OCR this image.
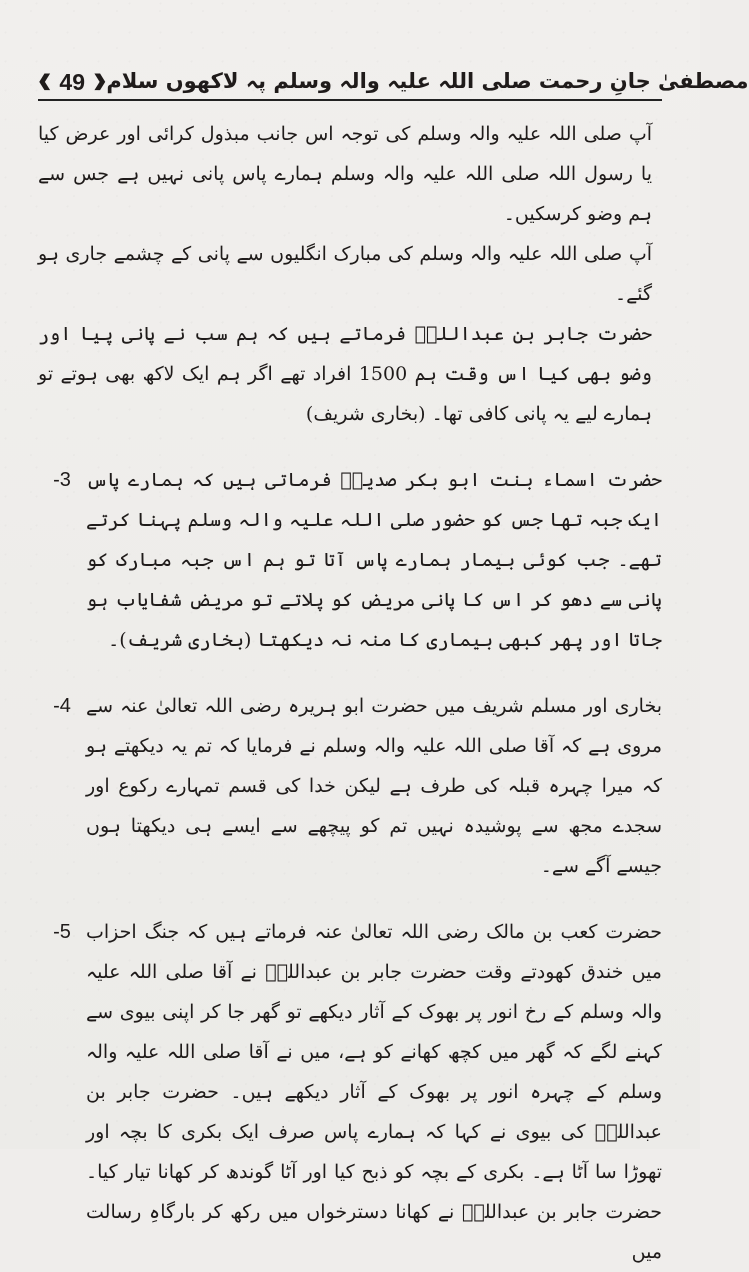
❰ 49 ❱
مصطفیٰ جانِ رحمت صلی اللہ علیہ والہ وسلم پہ لاکھوں سلام

آپ صلی اللہ علیہ والہ وسلم کی توجہ اس جانب مبذول کرائی اور عرض کیا یا رسول اللہ صلی اللہ علیہ والہ وسلم ہمارے پاس پانی نہیں ہے جس سے ہم وضو کرسکیں۔

آپ صلی اللہ علیہ والہ وسلم کی مبارک انگلیوں سے پانی کے چشمے جاری ہو گئے۔

حضرت جابر بن عبداللہؓ فرماتے ہیں کہ ہم سب نے پانی پیا اور وضو بھی کیا اس وقت ہم 1500 افراد تھے اگر ہم ایک لاکھ بھی ہوتے تو ہمارے لیے یہ پانی کافی تھا۔ (بخاری شریف)

حضرت اسماء بنت ابو بکر صدیقؓ فرماتی ہیں کہ ہمارے پاس ایک جبہ تھا جس کو حضور صلی اللہ علیہ والہ وسلم پہنا کرتے تھے۔ جب کوئی بیمار ہمارے پاس آتا تو ہم اس جبہ مبارک کو پانی سے دھو کر اس کا پانی مریض کو پلاتے تو مریض شفایاب ہو جاتا اور پھر کبھی بیماری کا منہ نہ دیکھتا (بخاری شریف)۔

-3

بخاری اور مسلم شریف میں حضرت ابو ہریرہ رضی اللہ تعالیٰ عنہ سے مروی ہے کہ آقا صلی اللہ علیہ والہ وسلم نے فرمایا کہ تم یہ دیکھتے ہو کہ میرا چہرہ قبلہ کی طرف ہے لیکن خدا کی قسم تمہارے رکوع اور سجدے مجھ سے پوشیدہ نہیں تم کو پیچھے سے ایسے ہی دیکھتا ہوں جیسے آگے سے۔

-4

حضرت کعب بن مالک رضی اللہ تعالیٰ عنہ فرماتے ہیں کہ جنگ احزاب میں خندق کھودتے وقت حضرت جابر بن عبداللہؓ نے آقا صلی اللہ علیہ والہ وسلم کے رخ انور پر بھوک کے آثار دیکھے تو گھر جا کر اپنی بیوی سے کہنے لگے کہ گھر میں کچھ کھانے کو ہے، میں نے آقا صلی اللہ علیہ والہ وسلم کے چہرہ انور پر بھوک کے آثار دیکھے ہیں۔ حضرت جابر بن عبداللہؓ کی بیوی نے کہا کہ ہمارے پاس صرف ایک بکری کا بچہ اور تھوڑا سا آٹا ہے۔ بکری کے بچہ کو ذبح کیا اور آٹا گوندھ کر کھانا تیار کیا۔ حضرت جابر بن عبداللہؓ نے کھانا دسترخواں میں رکھ کر بارگاہِ رسالت میں

-5
